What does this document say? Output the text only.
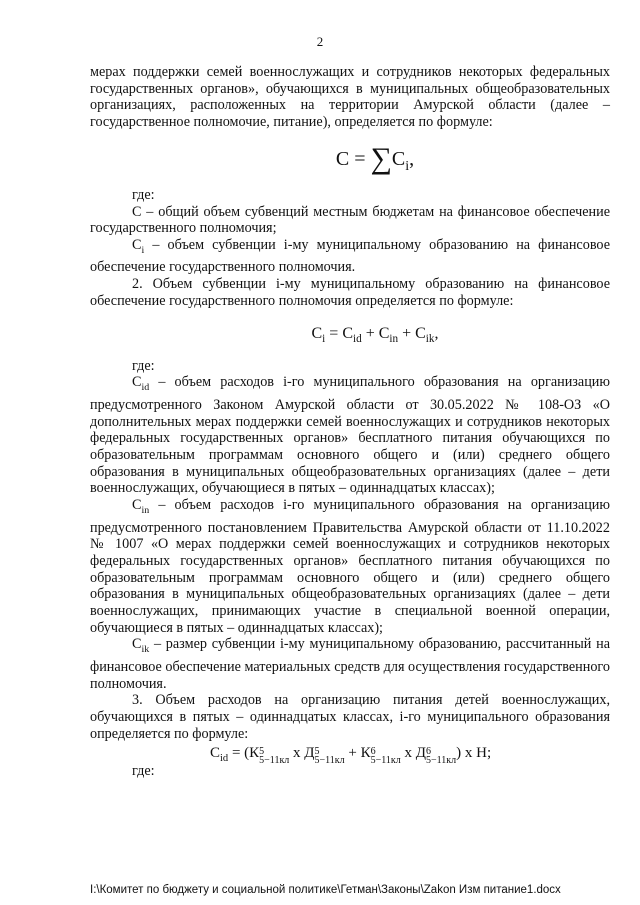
2

мерах поддержки семей военнослужащих и сотрудников некоторых федеральных государственных органов», обучающихся в муниципальных общеобразовательных организациях, расположенных на территории Амурской области (далее – государственное полномочие, питание), определяется по формуле:

$C = \sum C_i$,

где:

С – общий объем субвенций местным бюджетам на финансовое обеспечение государственного полномочия;

$C_i$ – объем субвенции i-му муниципальному образованию на финансовое обеспечение государственного полномочия.

2. Объем субвенции i-му муниципальному образованию на финансовое обеспечение государственного полномочия определяется по формуле:

$C_i = C_{id} + C_{in} + C_{ik}$,

где:

$C_{id}$ – объем расходов i-го муниципального образования на организацию предусмотренного Законом Амурской области от 30.05.2022 № 108-ОЗ «О дополнительных мерах поддержки семей военнослужащих и сотрудников некоторых федеральных государственных органов» бесплатного питания обучающихся по образовательным программам основного общего и (или) среднего общего образования в муниципальных общеобразовательных организациях (далее – дети военнослужащих, обучающиеся в пятых – одиннадцатых классах);

$C_{in}$ – объем расходов i-го муниципального образования на организацию предусмотренного постановлением Правительства Амурской области от 11.10.2022 № 1007 «О мерах поддержки семей военнослужащих и сотрудников некоторых федеральных государственных органов» бесплатного питания обучающихся по образовательным программам основного общего и (или) среднего общего образования в муниципальных общеобразовательных организациях (далее – дети военнослужащих, принимающих участие в специальной военной операции, обучающиеся в пятых – одиннадцатых классах);

$C_{ik}$ – размер субвенции i-му муниципальному образованию, рассчитанный на финансовое обеспечение материальных средств для осуществления государственного полномочия.

3. Объем расходов на организацию питания детей военнослужащих, обучающихся в пятых – одиннадцатых классах, i-го муниципального образования определяется по формуле:

$C_{id} = (К5$
5−11кл х Д5
5−11кл + К6
5−11кл х Д6
5−11кл) х Н;

где:

I:\Комитет по бюджету и социальной политике\Гетман\Законы\Zakon Изм питание1.docx
